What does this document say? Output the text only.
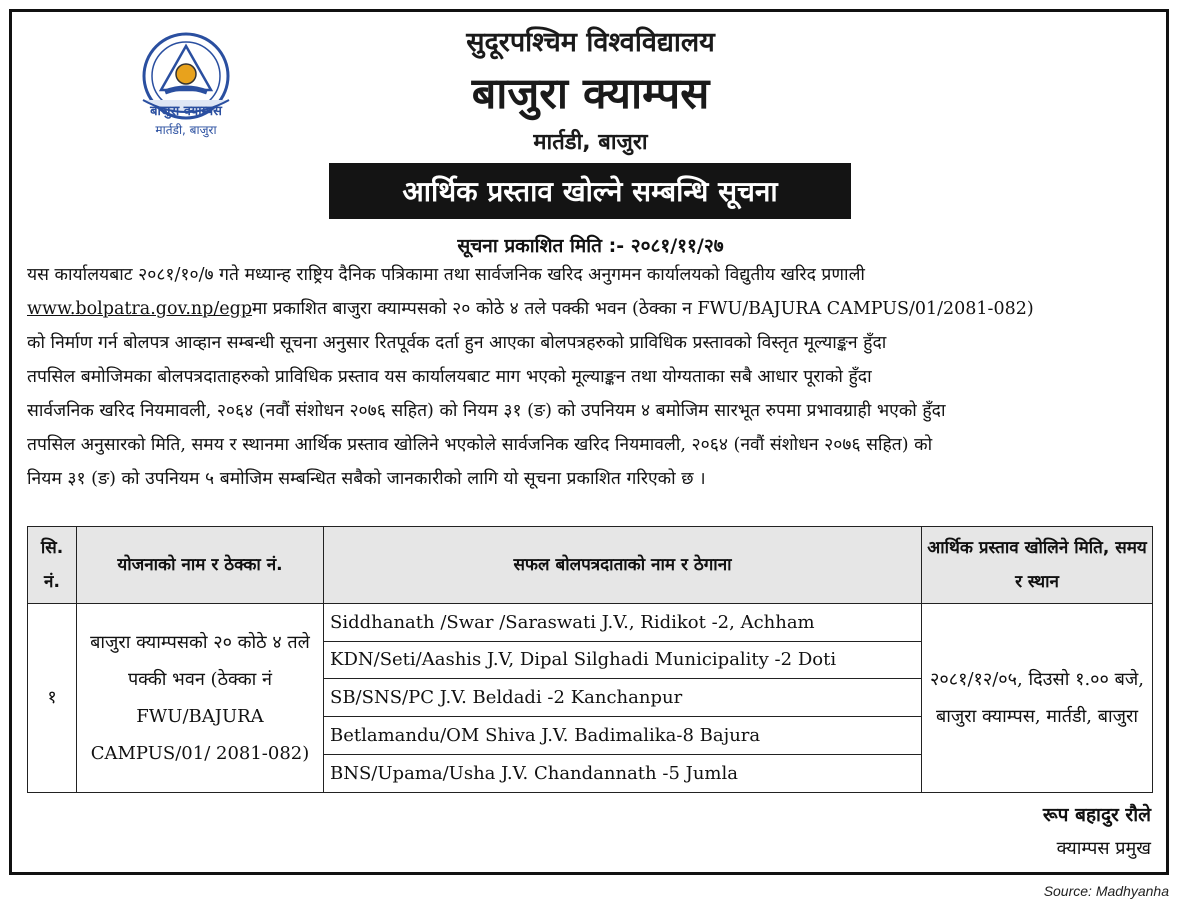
बाजुरा क्याम्पस
मार्तडी, बाजुरा
सुदूरपश्चिम विश्वविद्यालय
बाजुरा क्याम्पस
मार्तडी, बाजुरा
आर्थिक प्रस्ताव खोल्ने सम्बन्धि सूचना
सूचना प्रकाशित मिति :- २०८१/११/२७
यस कार्यालयबाट २०८१/१०/७ गते मध्यान्ह राष्ट्रिय दैनिक पत्रिकामा तथा सार्वजनिक खरिद अनुगमन कार्यालयको विद्युतीय खरिद प्रणाली
www.bolpatra.gov.np/egpमा प्रकाशित बाजुरा क्याम्पसको २० कोठे ४ तले पक्की भवन (ठेक्का न FWU/BAJURA CAMPUS/01/2081-082)
को निर्माण गर्न बोलपत्र आव्हान सम्बन्धी सूचना अनुसार रितपूर्वक दर्ता हुन आएका बोलपत्रहरुको प्राविधिक प्रस्तावको विस्तृत मूल्याङ्कन हुँदा
तपसिल बमोजिमका बोलपत्रदाताहरुको प्राविधिक प्रस्ताव यस कार्यालयबाट माग भएको मूल्याङ्कन तथा योग्यताका सबै आधार पूराको हुँदा
सार्वजनिक खरिद नियमावली, २०६४ (नवौं संशोधन २०७६ सहित) को नियम ३१ (ङ) को उपनियम ४ बमोजिम सारभूत रुपमा प्रभावग्राही भएको हुँदा
तपसिल अनुसारको मिति, समय र स्थानमा आर्थिक प्रस्ताव खोलिने भएकोले सार्वजनिक खरिद नियमावली, २०६४ (नवौं संशोधन २०७६ सहित) को
नियम ३१ (ङ) को उपनियम ५ बमोजिम सम्बन्धित सबैको जानकारीको लागि यो सूचना प्रकाशित गरिएको छ ।
सि. नं.	योजनाको नाम र ठेक्का नं.	सफल बोलपत्रदाताको नाम र ठेगाना	आर्थिक प्रस्ताव खोलिने मिति, समय र स्थान
१	बाजुरा क्याम्पसको २० कोठे ४ तले पक्की भवन (ठेक्का नं FWU/BAJURA CAMPUS/01/ 2081-082)	Siddhanath /Swar /Saraswati J.V., Ridikot -2, Achham	२०८१/१२/०५, दिउसो १.०० बजे, बाजुरा क्याम्पस, मार्तडी, बाजुरा
		KDN/Seti/Aashis J.V, Dipal Silghadi Municipality -2 Doti	
		SB/SNS/PC J.V. Beldadi -2 Kanchanpur	
		Betlamandu/OM Shiva J.V. Badimalika-8 Bajura	
		BNS/Upama/Usha J.V. Chandannath -5 Jumla	
रूप बहादुर रौले
क्याम्पस प्रमुख
Source: Madhyanha
